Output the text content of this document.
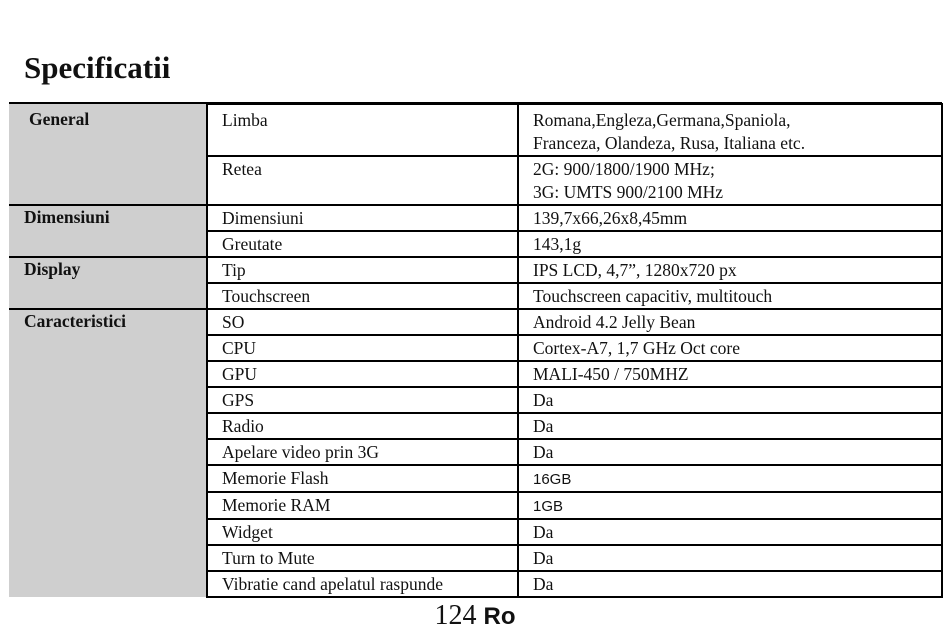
Specificatii
General	Limba	Romana,Engleza,Germana,Spaniola,
Franceza, Olandeza, Rusa, Italiana etc.

	Retea	2G: 900/1800/1900 MHz;
3G: UMTS 900/2100 MHz

Dimensiuni	Dimensiuni	139,7x66,26x8,45mm
	Greutate	143,1g
Display	Tip	IPS LCD, 4,7”, 1280x720 px
	Touchscreen	Touchscreen capacitiv, multitouch
Caracteristici	SO	Android 4.2 Jelly Bean
	CPU	Cortex-A7, 1,7 GHz Oct core
	GPU	MALI-450 / 750MHZ
	GPS	Da
	Radio	Da
	Apelare video prin 3G	Da
	Memorie Flash	16GB
	Memorie RAM	1GB
	Widget	Da
	Turn to Mute	Da
	Vibratie cand apelatul raspunde	Da
124 Ro
